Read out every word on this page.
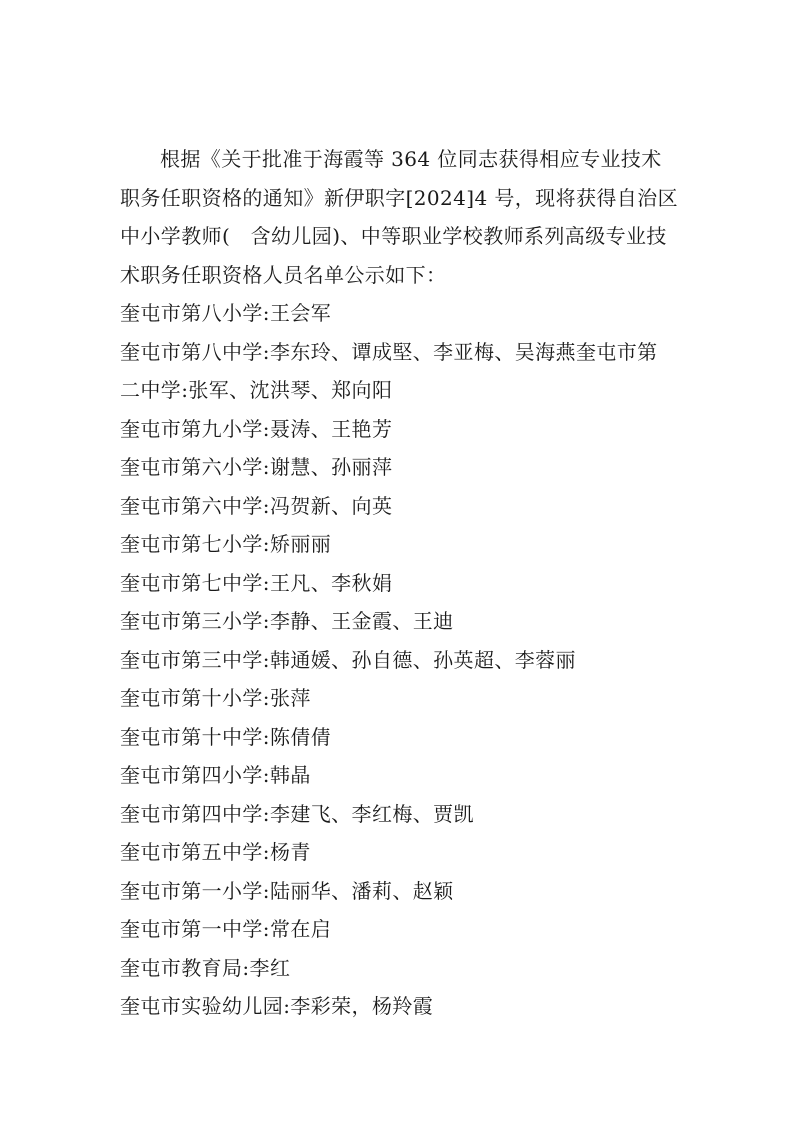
根据《关于批准于海霞等 364 位同志获得相应专业技术职务任职资格的通知》新伊职字[2024]4 号，现将获得自治区中小学教师(　含幼儿园)、中等职业学校教师系列高级专业技术职务任职资格人员名单公示如下：

奎屯市第八小学:王会军

奎屯市第八中学:李东玲、谭成堅、李亚梅、吴海燕奎屯市第二中学:张军、沈洪琴、郑向阳

奎屯市第九小学:聂涛、王艳芳

奎屯市第六小学:谢慧、孙丽萍

奎屯市第六中学:冯贺新、向英

奎屯市第七小学:矫丽丽

奎屯市第七中学:王凡、李秋娟

奎屯市第三小学:李静、王金霞、王迪

奎屯市第三中学:韩通媛、孙自德、孙英超、李蓉丽

奎屯市第十小学:张萍

奎屯市第十中学:陈倩倩

奎屯市第四小学:韩晶

奎屯市第四中学:李建飞、李红梅、贾凯

奎屯市第五中学:杨青

奎屯市第一小学:陆丽华、潘莉、赵颖

奎屯市第一中学:常在启

奎屯市教育局:李红

奎屯市实验幼儿园:李彩荣，杨羚霞
